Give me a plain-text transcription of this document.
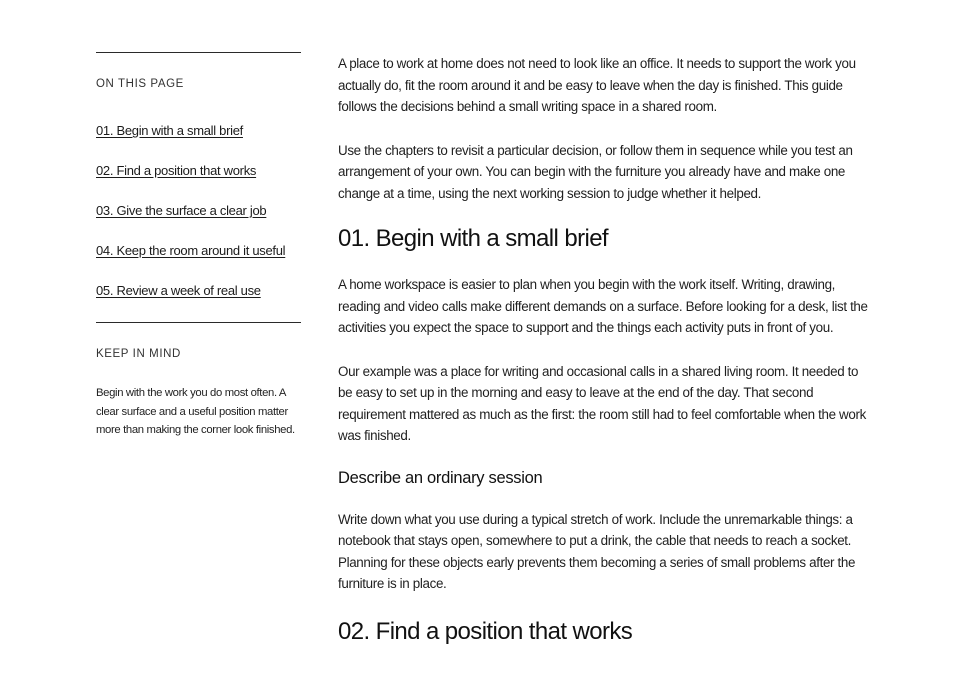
ON THIS PAGE
01. Begin with a small brief
02. Find a position that works
03. Give the surface a clear job
04. Keep the room around it useful
05. Review a week of real use
KEEP IN MIND
Begin with the work you do most often. A clear surface and a useful position matter more than making the corner look finished.

A place to work at home does not need to look like an office. It needs to support the work you actually do, fit the room around it and be easy to leave when the day is finished. This guide follows the decisions behind a small writing space in a shared room.

Use the chapters to revisit a particular decision, or follow them in sequence while you test an arrangement of your own. You can begin with the furniture you already have and make one change at a time, using the next working session to judge whether it helped.

01. Begin with a small brief

A home workspace is easier to plan when you begin with the work itself. Writing, drawing, reading and video calls make different demands on a surface. Before looking for a desk, list the activities you expect the space to support and the things each activity puts in front of you.

Our example was a place for writing and occasional calls in a shared living room. It needed to be easy to set up in the morning and easy to leave at the end of the day. That second requirement mattered as much as the first: the room still had to feel comfortable when the work was finished.

Describe an ordinary session

Write down what you use during a typical stretch of work. Include the unremarkable things: a notebook that stays open, somewhere to put a drink, the cable that needs to reach a socket. Planning for these objects early prevents them becoming a series of small problems after the furniture is in place.

02. Find a position that works
